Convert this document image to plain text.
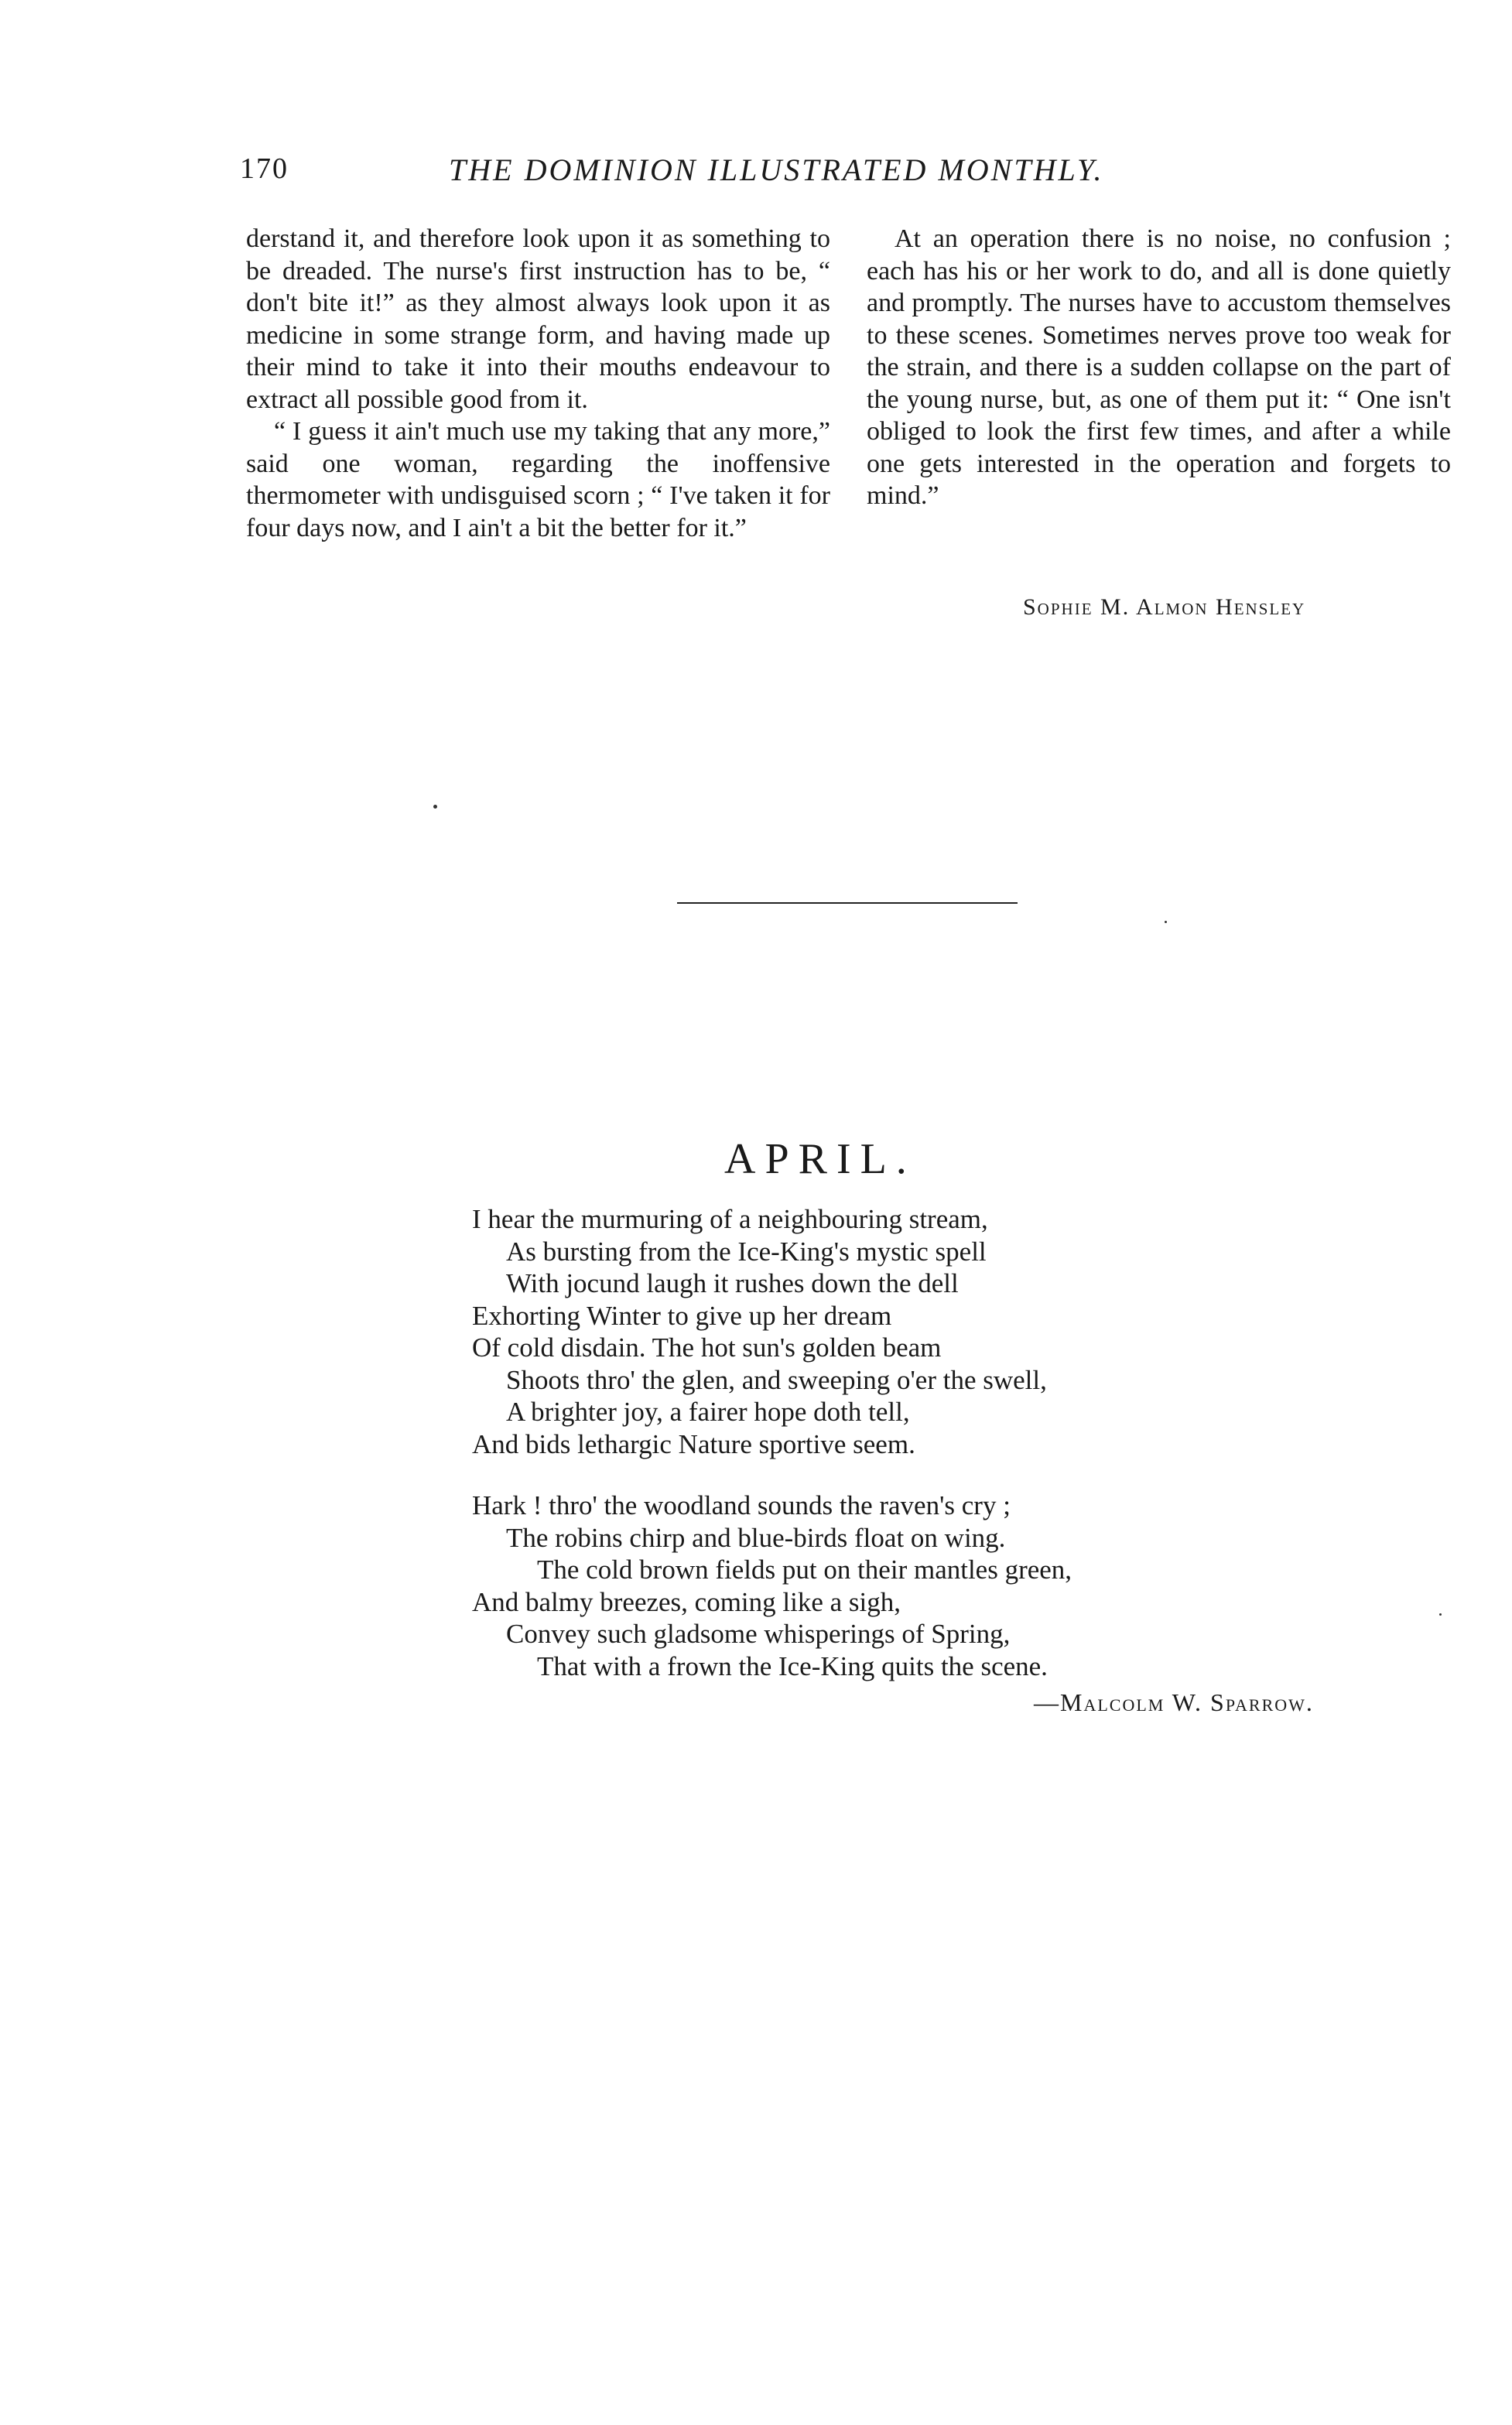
170	THE DOMINION ILLUSTRATED MONTHLY.

derstand it, and therefore look upon it as something to be dreaded. The nurse's first instruction has to be, “ don't bite it!” as they almost always look upon it as medicine in some strange form, and having made up their mind to take it into their mouths endeavour to extract all possible good from it.

“ I guess it ain't much use my taking that any more,” said one woman, regarding the inoffensive thermometer with undisguised scorn ; “ I've taken it for four days now, and I ain't a bit the better for it.”

At an operation there is no noise, no confusion ; each has his or her work to do, and all is done quietly and promptly. The nurses have to accustom themselves to these scenes. Sometimes nerves prove too weak for the strain, and there is a sudden collapse on the part of the young nurse, but, as one of them put it: “ One isn't obliged to look the first few times, and after a while one gets interested in the operation and forgets to mind.”

Sophie M. Almon Hensley
APRIL.
I hear the murmuring of a neighbouring stream,
As bursting from the Ice-King's mystic spell
With jocund laugh it rushes down the dell
Exhorting Winter to give up her dream
Of cold disdain. The hot sun's golden beam
Shoots thro' the glen, and sweeping o'er the swell,
A brighter joy, a fairer hope doth tell,
And bids lethargic Nature sportive seem.
Hark ! thro' the woodland sounds the raven's cry ;
The robins chirp and blue-birds float on wing.
The cold brown fields put on their mantles green,
And balmy breezes, coming like a sigh,
Convey such gladsome whisperings of Spring,
That with a frown the Ice-King quits the scene.
—Malcolm W. Sparrow.
